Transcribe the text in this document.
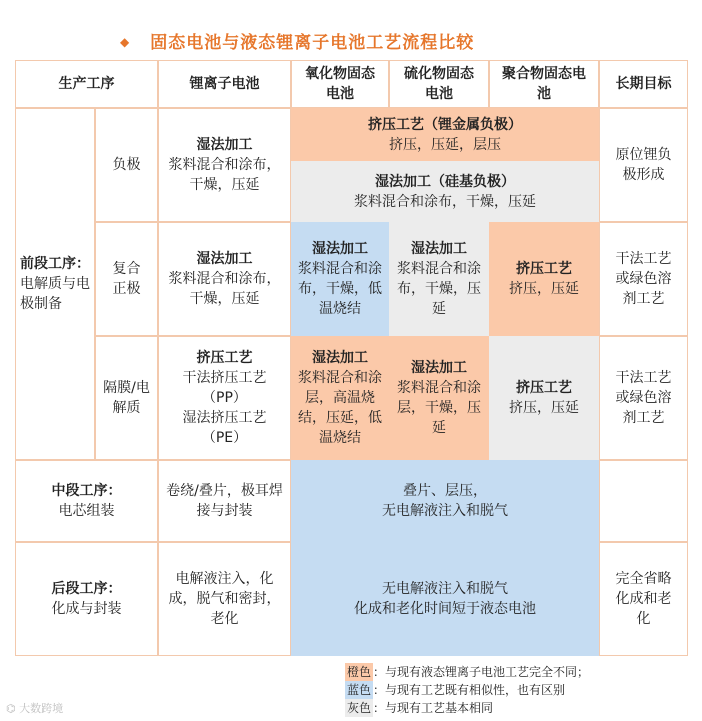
◆ 固态电池与液态锂离子电池工艺流程比较
生产工序	锂离子电池
氧化物固态电池
硫化物固态电池
聚合物固态电池
长期目标
前段工序：
电解质与电极制备
负极
湿法加工
浆料混合和涂布，干燥，压延
挤压工艺（锂金属负极）
挤压，压延，层压
湿法加工（硅基负极）
浆料混合和涂布，干燥，压延
原位锂负极形成
复合正极
湿法加工
浆料混合和涂布，干燥，压延
湿法加工
浆料混合和涂布，干燥，低温烧结
湿法加工
浆料混合和涂布，干燥，压延
挤压工艺
挤压，压延
干法工艺或绿色溶剂工艺
隔膜/电解质
挤压工艺
干法挤压工艺
（PP）
湿法挤压工艺
（PE）
湿法加工
浆料混合和涂层，高温烧结，压延，低温烧结
湿法加工
浆料混合和涂层，干燥，压延
挤压工艺
挤压，压延
干法工艺或绿色溶剂工艺
中段工序：
电芯组装
卷绕/叠片，极耳焊接与封装
叠片、层压，
无电解液注入和脱气
后段工序：
化成与封装
电解液注入，化成，脱气和密封，老化
无电解液注入和脱气
化成和老化时间短于液态电池
完全省略化成和老化
橙色 ：与现有液态锂离子电池工艺完全不同；
蓝色 ：与现有工艺既有相似性，也有区别
灰色 ：与现有工艺基本相同
⌬ 大数跨境
